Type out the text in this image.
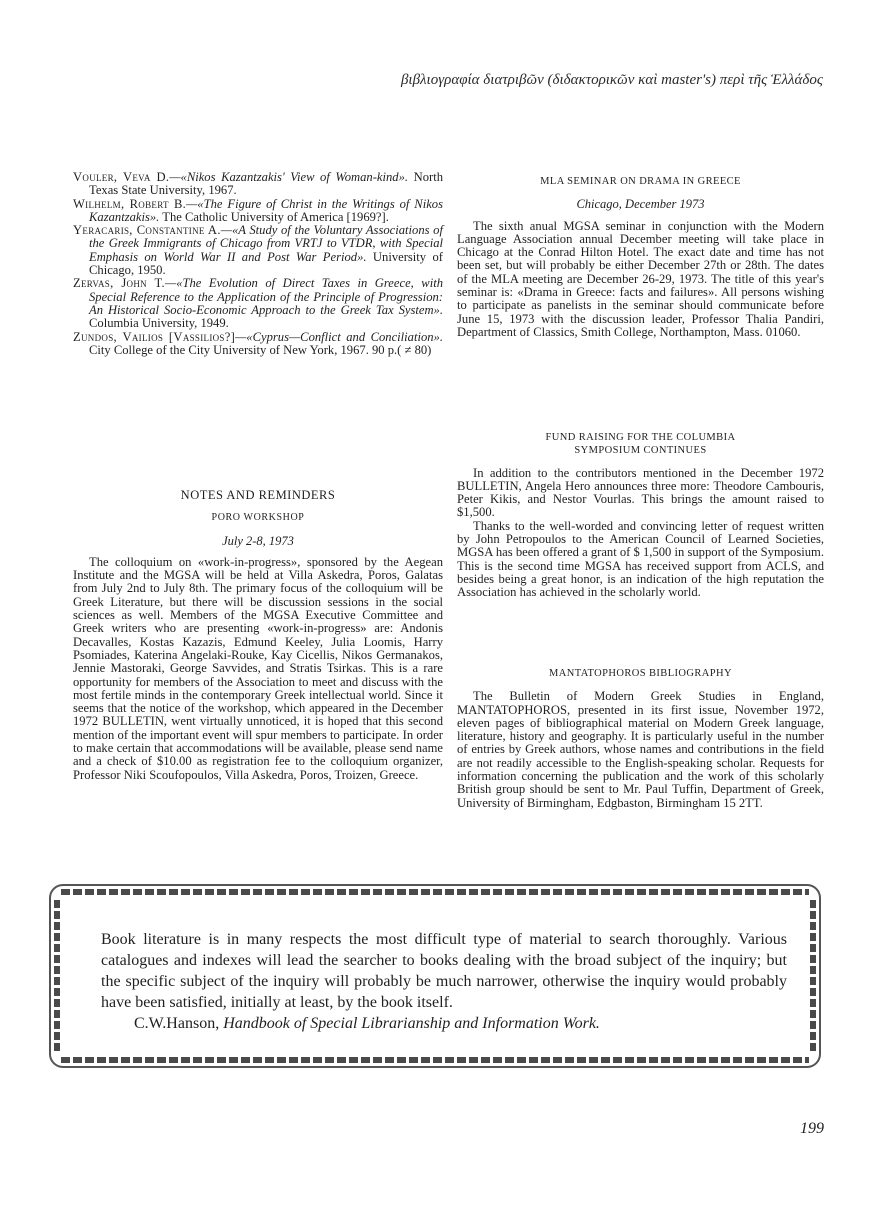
βιβλιογραφία διατριβῶν (διδακτορικῶν καὶ master's) περὶ τῆς Ἑλλάδος

Vouler, Veva D.—«Nikos Kazantzakis' View of Woman-kind». North Texas State University, 1967.

Wilhelm, Robert B.—«The Figure of Christ in the Writings of Nikos Kazantzakis». The Catholic University of America [1969?].

Yeracaris, Constantine A.—«A Study of the Voluntary Associations of the Greek Immigrants of Chicago from VRTJ to VTDR, with Special Emphasis on World War II and Post War Period». University of Chicago, 1950.

Zervas, John T.—«The Evolution of Direct Taxes in Greece, with Special Reference to the Application of the Principle of Progression: An Historical Socio-Economic Approach to the Greek Tax System». Columbia University, 1949.

Zundos, Vailios [Vassilios?]—«Cyprus—Conflict and Conciliation». City College of the City University of New York, 1967. 90 p.( ≠ 80)

NOTES AND REMINDERS

PORO WORKSHOP

July 2-8, 1973

The colloquium on «work-in-progress», sponsored by the Aegean Institute and the MGSA will be held at Villa Askedra, Poros, Galatas from July 2nd to July 8th. The primary focus of the colloquium will be Greek Literature, but there will be discussion sessions in the social sciences as well. Members of the MGSA Executive Committee and Greek writers who are presenting «work-in-progress» are: Andonis Decavalles, Kostas Kazazis, Edmund Keeley, Julia Loomis, Harry Psomiades, Katerina Angelaki-Rouke, Kay Cicellis, Nikos Germanakos, Jennie Mastoraki, George Savvides, and Stratis Tsirkas. This is a rare opportunity for members of the Association to meet and discuss with the most fertile minds in the contemporary Greek intellectual world. Since it seems that the notice of the workshop, which appeared in the December 1972 BULLETIN, went virtually unnoticed, it is hoped that this second mention of the important event will spur members to participate. In order to make certain that accommodations will be available, please send name and a check of $10.00 as registration fee to the colloquium organizer, Professor Niki Scoufopoulos, Villa Askedra, Poros, Troizen, Greece.

MLA SEMINAR ON DRAMA IN GREECE

Chicago, December 1973

The sixth anual MGSA seminar in conjunction with the Modern Language Association annual December meeting will take place in Chicago at the Conrad Hilton Hotel. The exact date and time has not been set, but will probably be either December 27th or 28th. The dates of the MLA meeting are December 26-29, 1973. The title of this year's seminar is: «Drama in Greece: facts and failures». All persons wishing to participate as panelists in the seminar should communicate before June 15, 1973 with the discussion leader, Professor Thalia Pandiri, Department of Classics, Smith College, Northampton, Mass. 01060.

FUND RAISING FOR THE COLUMBIA

SYMPOSIUM CONTINUES

In addition to the contributors mentioned in the December 1972 BULLETIN, Angela Hero announces three more: Theodore Cambouris, Peter Kikis, and Nestor Vourlas. This brings the amount raised to $1,500.

Thanks to the well-worded and convincing letter of request written by John Petropoulos to the American Council of Learned Societies, MGSA has been offered a grant of $ 1,500 in support of the Symposium. This is the second time MGSA has received support from ACLS, and besides being a great honor, is an indication of the high reputation the Association has achieved in the scholarly world.

MANTATOPHOROS BIBLIOGRAPHY

The Bulletin of Modern Greek Studies in England, MANTATOPHOROS, presented in its first issue, November 1972, eleven pages of bibliographical material on Modern Greek language, literature, history and geography. It is particularly useful in the number of entries by Greek authors, whose names and contributions in the field are not readily accessible to the English-speaking scholar. Requests for information concerning the publication and the work of this scholarly British group should be sent to Mr. Paul Tuffin, Department of Greek, University of Birmingham, Edgbaston, Birmingham 15 2TT.

Book literature is in many respects the most difficult type of material to search thoroughly. Various catalogues and indexes will lead the searcher to books dealing with the broad subject of the inquiry; but the specific subject of the inquiry will probably be much narrower, otherwise the inquiry would probably have been satisfied, initially at least, by the book itself.

C.W.Hanson, Handbook of Special Librarianship and Information Work.

199
